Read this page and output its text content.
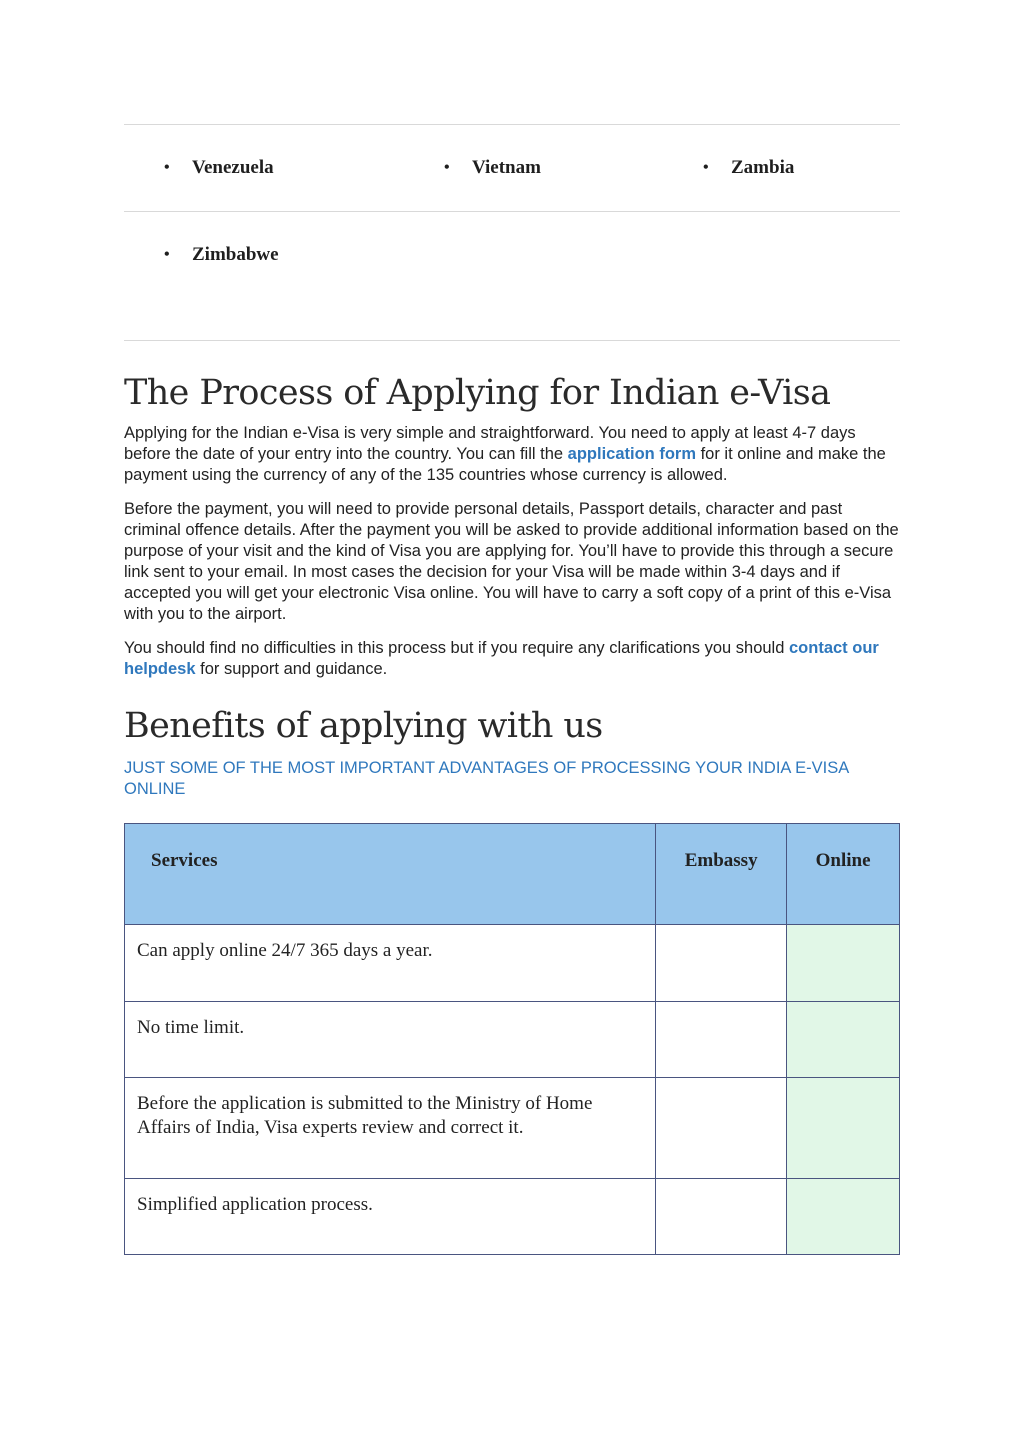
•	Venezuela	•	Vietnam	•	Zambia
•	Zimbabwe
The Process of Applying for Indian e-Visa

Applying for the Indian e-Visa is very simple and straightforward. You need to apply at least 4-7 days before the date of your entry into the country. You can fill the application form for it online and make the payment using the currency of any of the 135 countries whose currency is allowed.

Before the payment, you will need to provide personal details, Passport details, character and past criminal offence details. After the payment you will be asked to provide additional information based on the purpose of your visit and the kind of Visa you are applying for. You’ll have to provide this through a secure link sent to your email. In most cases the decision for your Visa will be made within 3-4 days and if accepted you will get your electronic Visa online. You will have to carry a soft copy of a print of this e-Visa with you to the airport.

You should find no difficulties in this process but if you require any clarifications you should contact our helpdesk for support and guidance.

Benefits of applying with us

JUST SOME OF THE MOST IMPORTANT ADVANTAGES OF PROCESSING YOUR INDIA E-VISA ONLINE

Services	Embassy	Online
Can apply online 24/7 365 days a year.		
No time limit.		
Before the application is submitted to the Ministry of Home Affairs of India, Visa experts review and correct it.		
Simplified application process.		
